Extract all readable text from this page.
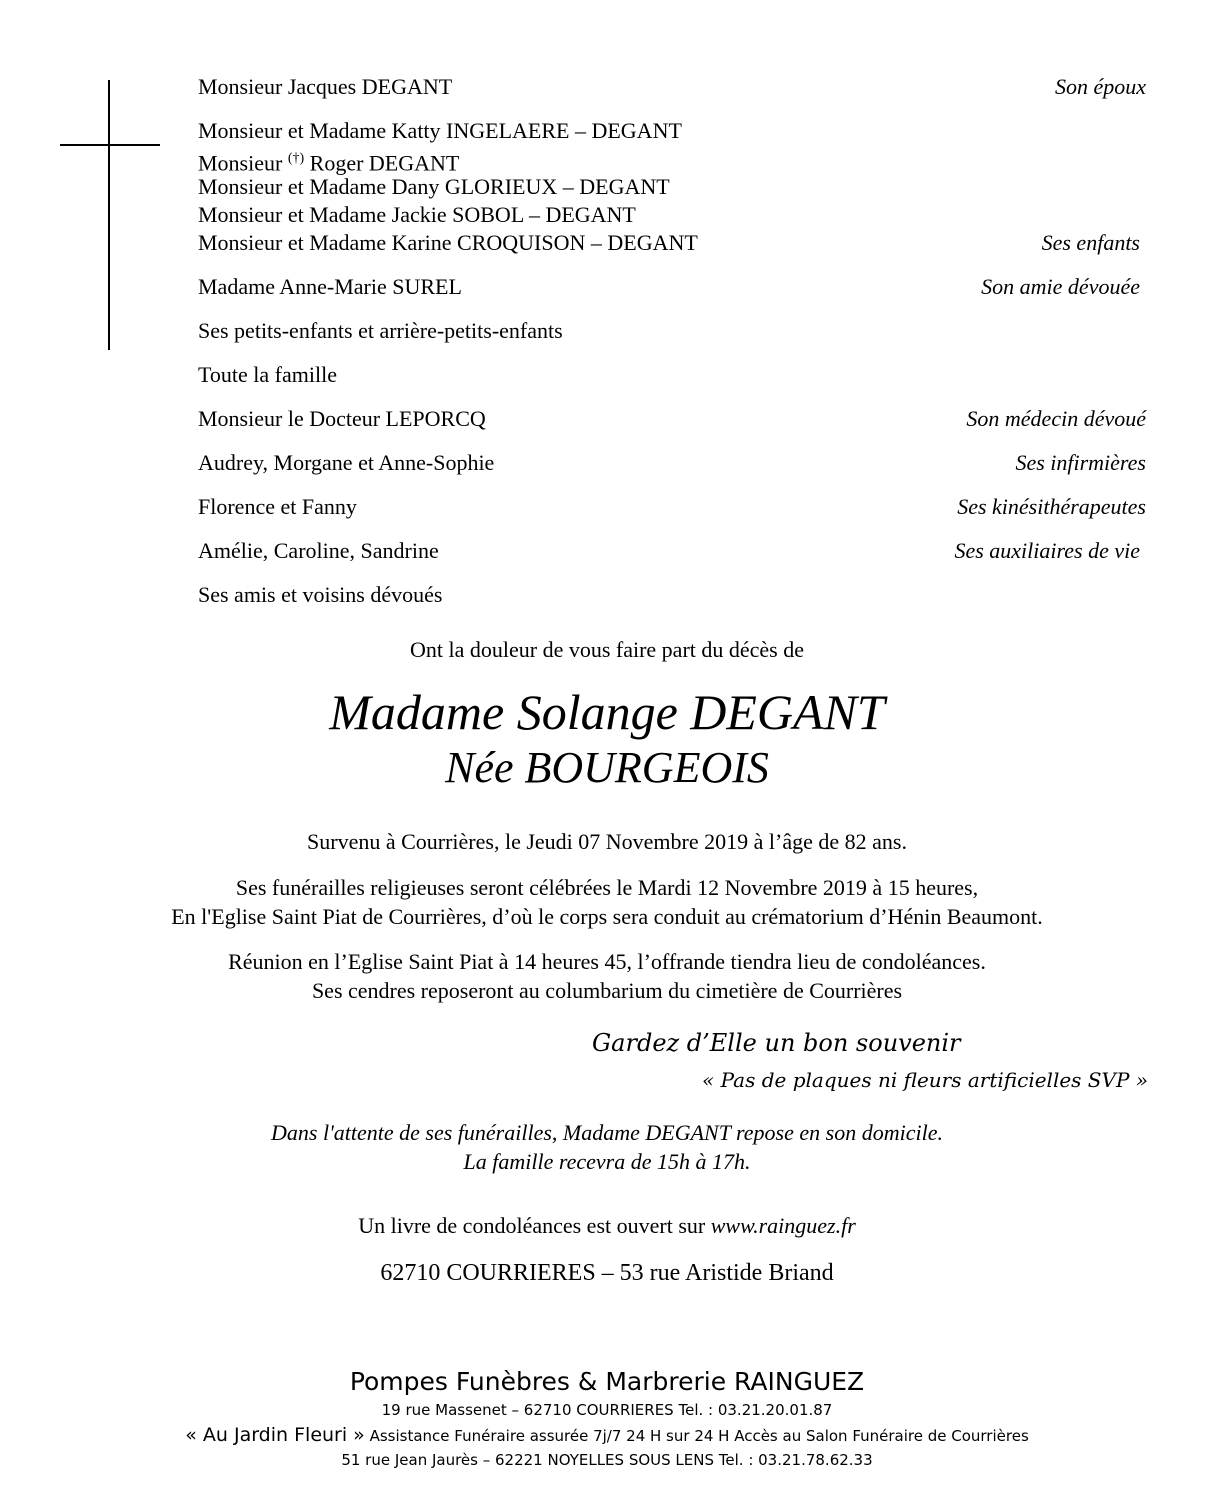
Monsieur Jacques DEGANT	Son époux
Monsieur et Madame Katty INGELAERE – DEGANT
Monsieur (†) Roger DEGANT
Monsieur et Madame Dany GLORIEUX – DEGANT
Monsieur et Madame Jackie SOBOL – DEGANT
Monsieur et Madame Karine CROQUISON – DEGANT	Ses enfants
Madame Anne-Marie SUREL	Son amie dévouée
Ses petits-enfants et arrière-petits-enfants
Toute la famille
Monsieur le Docteur LEPORCQ	Son médecin dévoué
Audrey, Morgane et Anne-Sophie	Ses infirmières
Florence et Fanny	Ses kinésithérapeutes
Amélie, Caroline, Sandrine	Ses auxiliaires de vie
Ses amis et voisins dévoués
Ont la douleur de vous faire part du décès de
Madame Solange DEGANT
Née BOURGEOIS
Survenu à Courrières, le Jeudi 07 Novembre 2019 à l’âge de 82 ans.
Ses funérailles religieuses seront célébrées le Mardi 12 Novembre 2019 à 15 heures,
En l'Eglise Saint Piat de Courrières, d’où le corps sera conduit au crématorium d’Hénin Beaumont.
Réunion en l’Eglise Saint Piat à 14 heures 45, l’offrande tiendra lieu de condoléances.
Ses cendres reposeront au columbarium du cimetière de Courrières
Gardez d’Elle un bon souvenir
« Pas de plaques ni fleurs artificielles SVP »
Dans l'attente de ses funérailles, Madame DEGANT repose en son domicile.
La famille recevra de 15h à 17h.
Un livre de condoléances est ouvert sur www.rainguez.fr
62710 COURRIERES – 53 rue Aristide Briand
Pompes Funèbres & Marbrerie RAINGUEZ
19 rue Massenet – 62710 COURRIERES Tel. : 03.21.20.01.87
« Au Jardin Fleuri » Assistance Funéraire assurée 7j/7 24 H sur 24 H Accès au Salon Funéraire de Courrières
51 rue Jean Jaurès – 62221 NOYELLES SOUS LENS Tel. : 03.21.78.62.33
